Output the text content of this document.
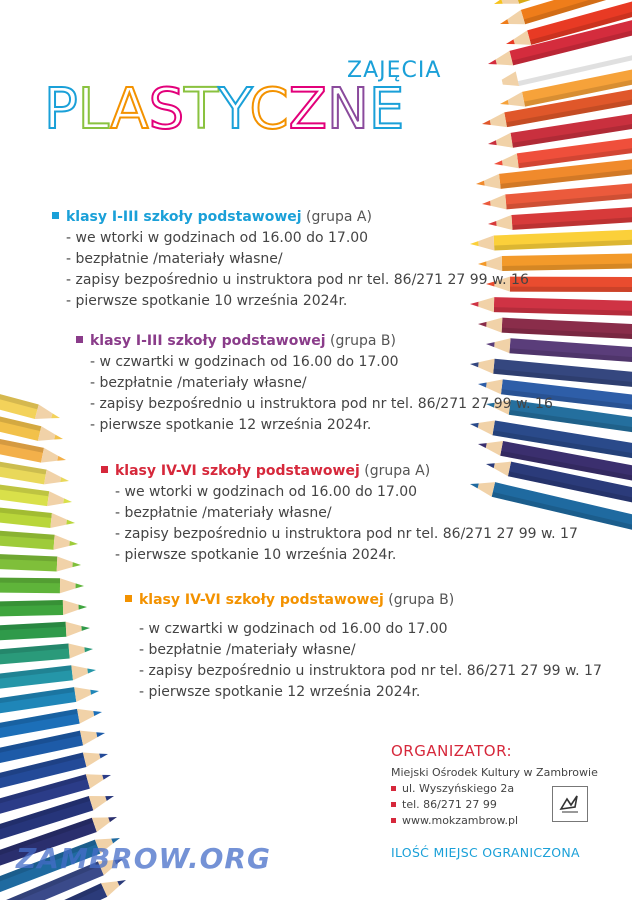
ZAJĘCIA
PLASTYCZNE
klasy I-III szkoły podstawowej (grupa A)
- we wtorki w godzinach od 16.00 do 17.00
- bezpłatnie /materiały własne/
- zapisy bezpośrednio u instruktora pod nr tel. 86/271 27 99 w. 16
- pierwsze spotkanie 10 września 2024r.
klasy I-III szkoły podstawowej (grupa B)
- w czwartki w godzinach od 16.00 do 17.00
- bezpłatnie /materiały własne/
- zapisy bezpośrednio u instruktora pod nr tel. 86/271 27 99 w. 16
- pierwsze spotkanie 12 września 2024r.
klasy IV-VI szkoły podstawowej (grupa A)
- we wtorki w godzinach od 16.00 do 17.00
- bezpłatnie /materiały własne/
- zapisy bezpośrednio u instruktora pod nr tel. 86/271 27 99 w. 17
- pierwsze spotkanie 10 września 2024r.
klasy IV-VI szkoły podstawowej (grupa B)
- w czwartki w godzinach od 16.00 do 17.00
- bezpłatnie /materiały własne/
- zapisy bezpośrednio u instruktora pod nr tel. 86/271 27 99 w. 17
- pierwsze spotkanie 12 września 2024r.
ORGANIZATOR:
Miejski Ośrodek Kultury w Zambrowie
ul. Wyszyńskiego 2a
tel. 86/271 27 99
www.mokzambrow.pl
ILOŚĆ MIEJSC OGRANICZONA
ZAMBROW.ORG
